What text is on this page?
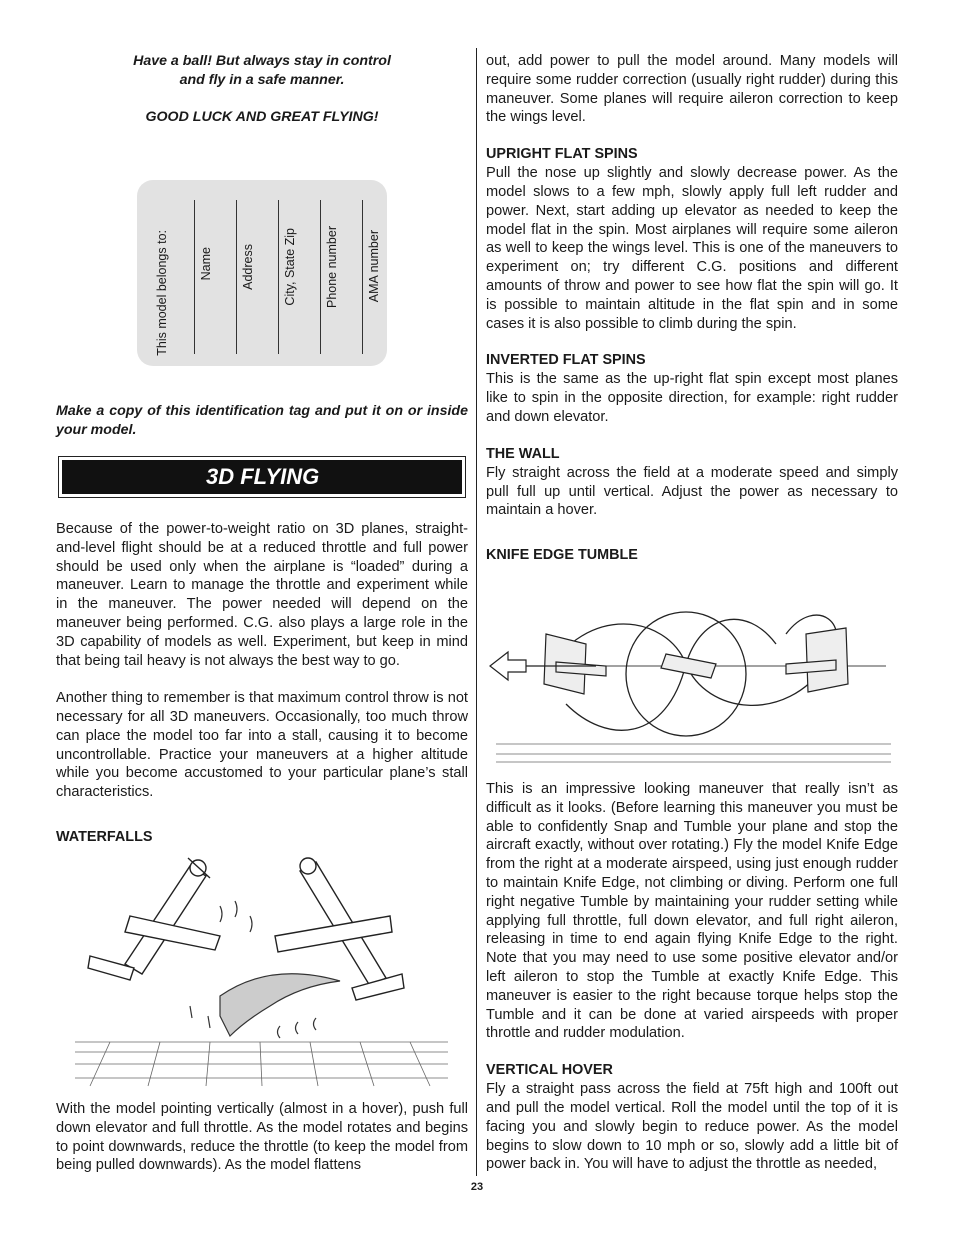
Have a ball! But always stay in control

and fly in a safe manner.

GOOD LUCK AND GREAT FLYING!

This model belongs to: Name Address City, State Zip Phone number AMA number

Make a copy of this identification tag and put it on or inside your model.

3D FLYING

Because of the power-to-weight ratio on 3D planes, straight-and-level flight should be at a reduced throttle and full power should be used only when the airplane is “loaded” during a maneuver. Learn to manage the throttle and experiment while in the maneuver. The power needed will depend on the maneuver being performed. C.G. also plays a large role in the 3D capability of models as well. Experiment, but keep in mind that being tail heavy is not always the best way to go.

Another thing to remember is that maximum control throw is not necessary for all 3D maneuvers. Occasionally, too much throw can place the model too far into a stall, causing it to become uncontrollable. Practice your maneuvers at a higher altitude while you become accustomed to your particular plane’s stall characteristics.

WATERFALLS

With the model pointing vertically (almost in a hover), push full down elevator and full throttle. As the model rotates and begins to point downwards, reduce the throttle (to keep the model from being pulled downwards). As the model flattens

out, add power to pull the model around. Many models will require some rudder correction (usually right rudder) during this maneuver. Some planes will require aileron correction to keep the wings level.

UPRIGHT FLAT SPINS

Pull the nose up slightly and slowly decrease power. As the model slows to a few mph, slowly apply full left rudder and power. Next, start adding up elevator as needed to keep the model flat in the spin. Most airplanes will require some aileron as well to keep the wings level. This is one of the maneuvers to experiment on; try different C.G. positions and different amounts of throw and power to see how flat the spin will go. It is possible to maintain altitude in the flat spin and in some cases it is also possible to climb during the spin.

INVERTED FLAT SPINS

This is the same as the up-right flat spin except most planes like to spin in the opposite direction, for example: right rudder and down elevator.

THE WALL

Fly straight across the field at a moderate speed and simply pull full up until vertical. Adjust the power as necessary to maintain a hover.

KNIFE EDGE TUMBLE

This is an impressive looking maneuver that really isn’t as difficult as it looks. (Before learning this maneuver you must be able to confidently Snap and Tumble your plane and stop the aircraft exactly, without over rotating.) Fly the model Knife Edge from the right at a moderate airspeed, using just enough rudder to maintain Knife Edge, not climbing or diving. Perform one full right negative Tumble by maintaining your rudder setting while applying full throttle, full down elevator, and full right aileron, releasing in time to end again flying Knife Edge to the right. Note that you may need to use some positive elevator and/or left aileron to stop the Tumble at exactly Knife Edge. This maneuver is easier to the right because torque helps stop the Tumble and it can be done at varied airspeeds with proper throttle and rudder modulation.

VERTICAL HOVER

Fly a straight pass across the field at 75ft high and 100ft out and pull the model vertical. Roll the model until the top of it is facing you and slowly begin to reduce power. As the model begins to slow down to 10 mph or so, slowly add a little bit of power back in. You will have to adjust the throttle as needed,

23
